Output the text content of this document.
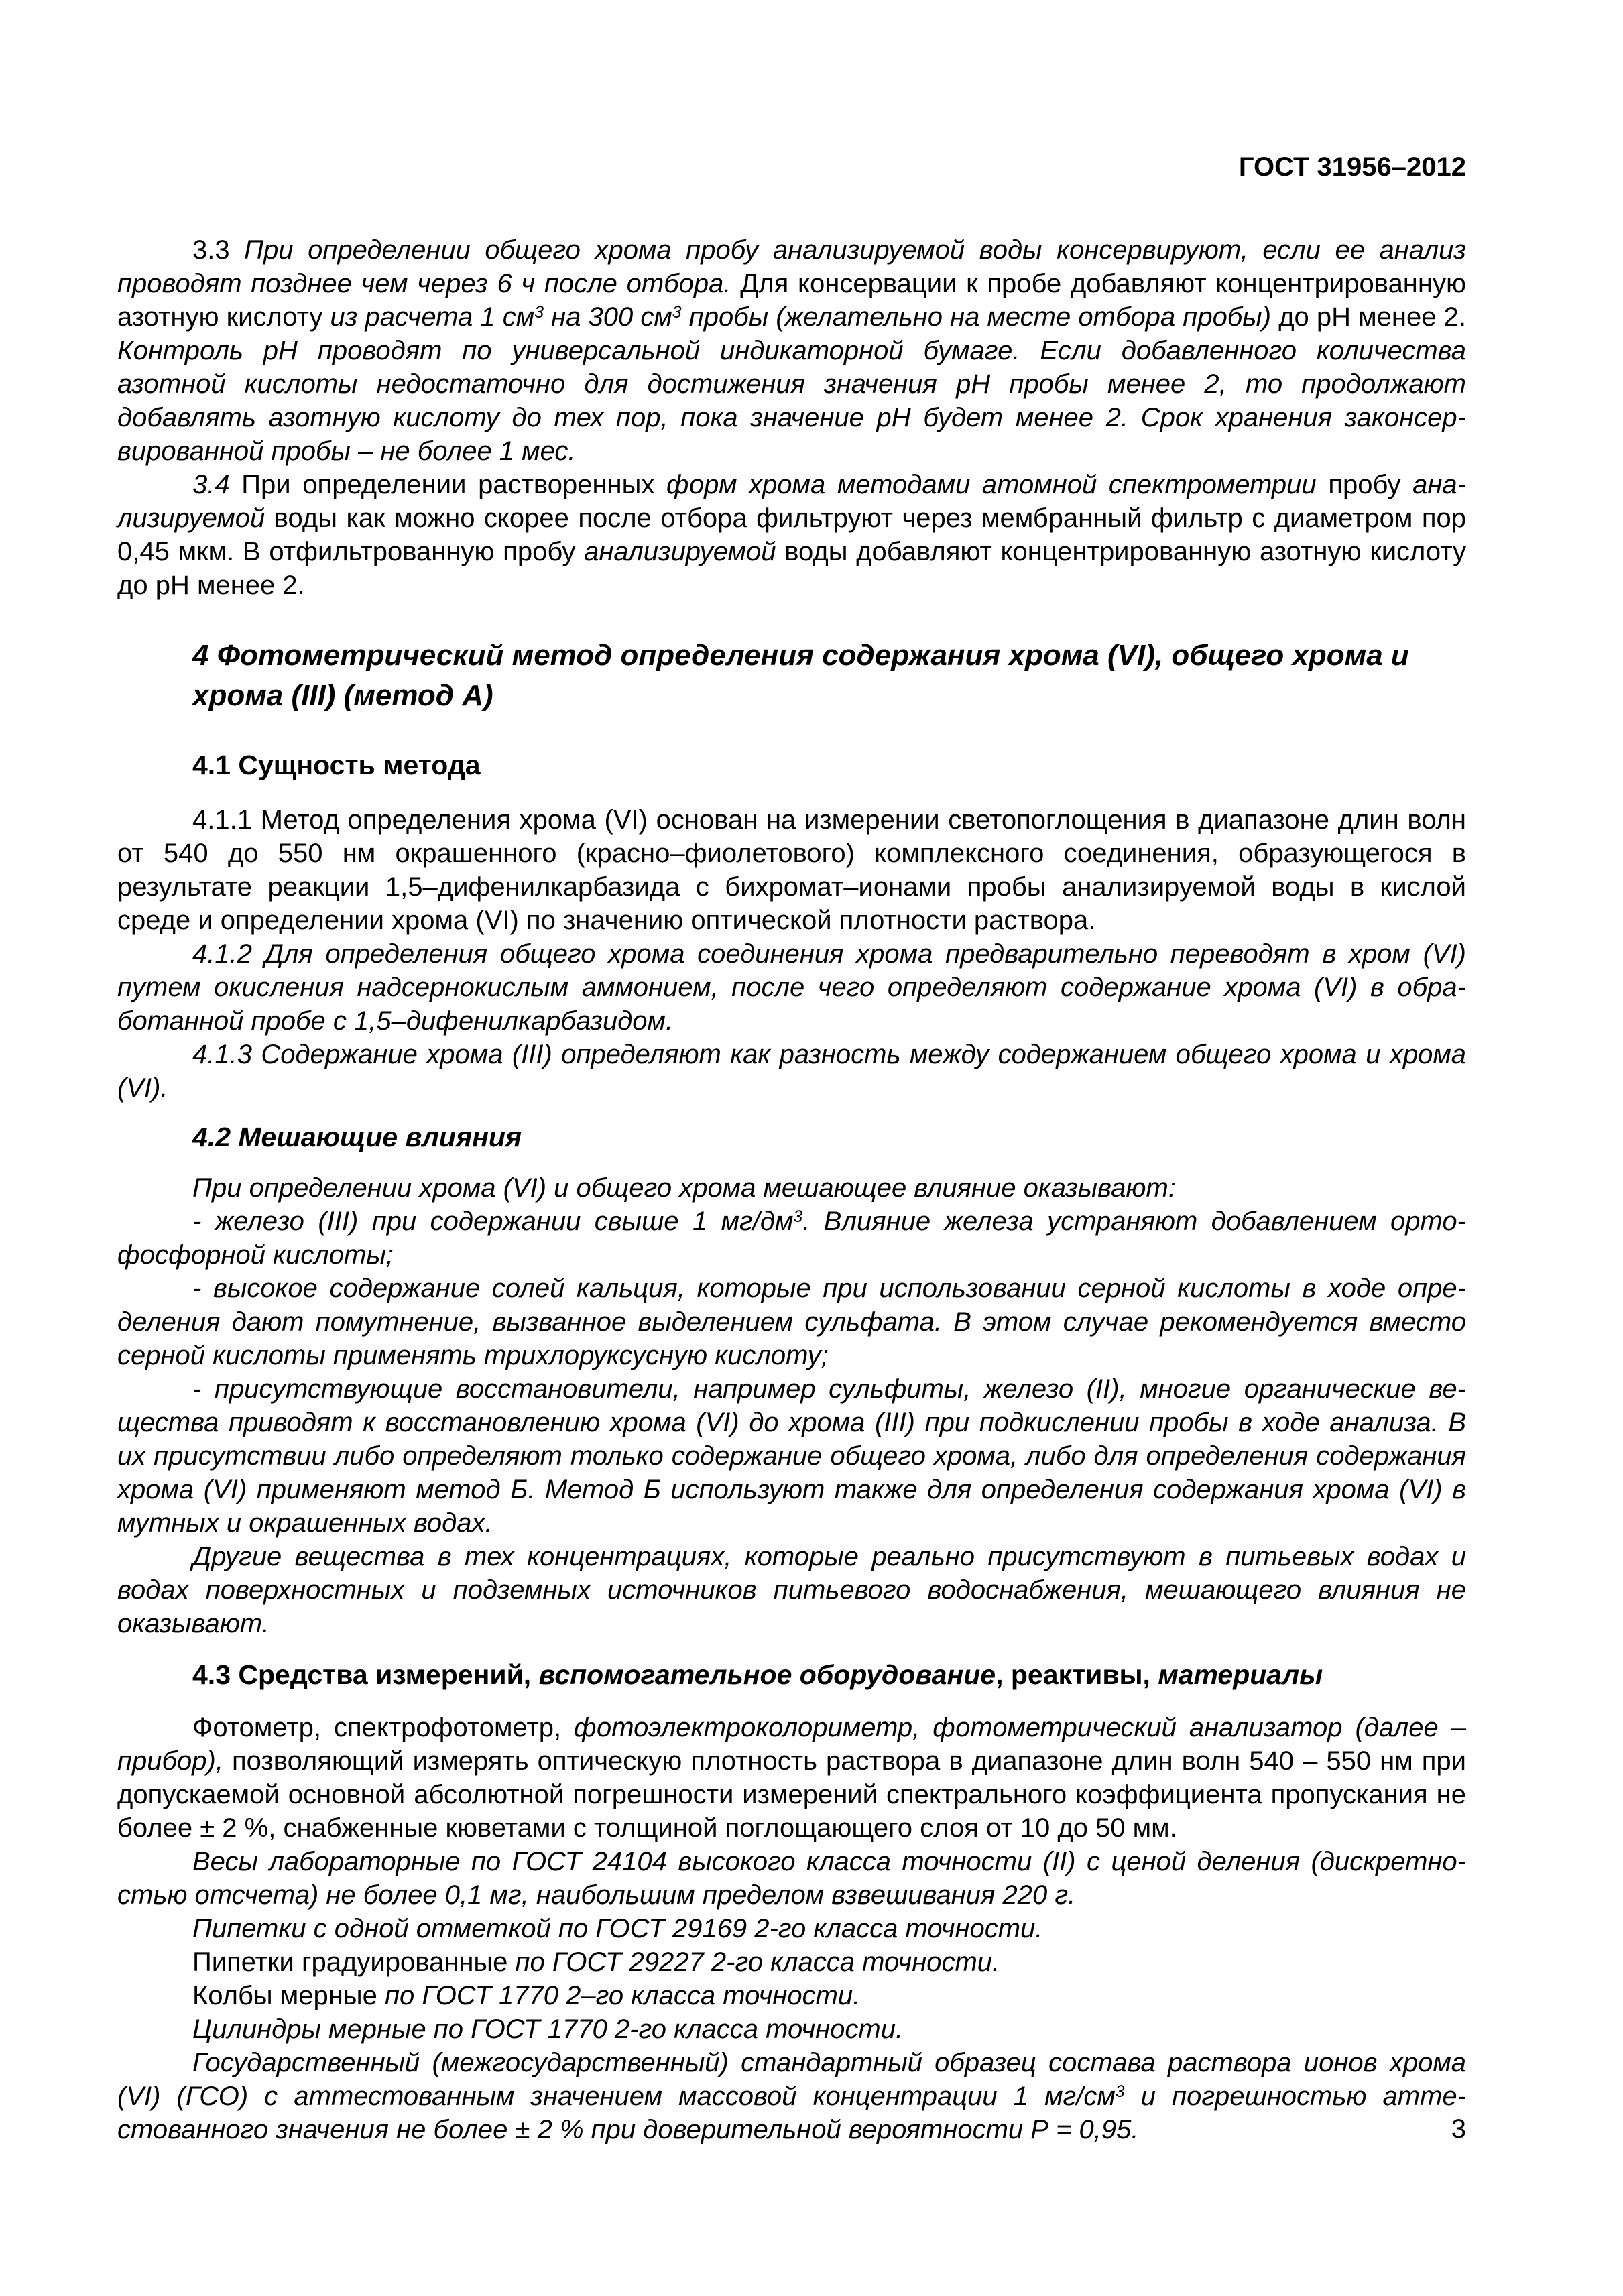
ГОСТ 31956–2012

3.3 При определении общего хрома пробу анализируемой воды консервируют, если ее анализ проводят позднее чем через 6 ч после отбора. Для консервации к пробе добавляют концентрированную азотную кислоту из расчета 1 $см^3$ на 300 $см^3$ пробы (желательно на месте отбора пробы) до pH менее 2. Контроль pH проводят по универсальной индикаторной бумаге. Если добавленного количества азотной кислоты недостаточно для достижения значения pH пробы менее 2, то продолжают добавлять азотную кислоту до тех пор, пока значение pH будет менее 2. Срок хранения законсервированной пробы – не более 1 мес.

3.4 При определении растворенных форм хрома методами атомной спектрометрии пробу анализируемой воды как можно скорее после отбора фильтруют через мембранный фильтр с диаметром пор 0,45 мкм. В отфильтрованную пробу анализируемой воды добавляют концентрированную азотную кислоту до pH менее 2.

4 Фотометрический метод определения содержания хрома (VI), общего хрома и хрома (III) (метод А)
4.1 Сущность метода

4.1.1 Метод определения хрома (VI) основан на измерении светопоглощения в диапазоне длин волн от 540 до 550 нм окрашенного (красно–фиолетового) комплексного соединения, образующегося в результате реакции 1,5–дифенилкарбазида с бихромат–ионами пробы анализируемой воды в кислой среде и определении хрома (VI) по значению оптической плотности раствора.

4.1.2 Для определения общего хрома соединения хрома предварительно переводят в хром (VI) путем окисления надсернокислым аммонием, после чего определяют содержание хрома (VI) в обработанной пробе с 1,5–дифенилкарбазидом.

4.1.3 Содержание хрома (III) определяют как разность между содержанием общего хрома и хрома (VI).

4.2 Мешающие влияния

При определении хрома (VI) и общего хрома мешающее влияние оказывают:

- железо (III) при содержании свыше 1 $мг/дм^3$. Влияние железа устраняют добавлением ортофосфорной кислоты;

- высокое содержание солей кальция, которые при использовании серной кислоты в ходе определения дают помутнение, вызванное выделением сульфата. В этом случае рекомендуется вместо серной кислоты применять трихлоруксусную кислоту;

- присутствующие восстановители, например сульфиты, железо (II), многие органические вещества приводят к восстановлению хрома (VI) до хрома (III) при подкислении пробы в ходе анализа. В их присутствии либо определяют только содержание общего хрома, либо для определения содержания хрома (VI) применяют метод Б. Метод Б используют также для определения содержания хрома (VI) в мутных и окрашенных водах.

Другие вещества в тех концентрациях, которые реально присутствуют в питьевых водах и водах поверхностных и подземных источников питьевого водоснабжения, мешающего влияния не оказывают.

4.3 Средства измерений, вспомогательное оборудование, реактивы, материалы

Фотометр, спектрофотометр, фотоэлектроколориметр, фотометрический анализатор (далее – прибор), позволяющий измерять оптическую плотность раствора в диапазоне длин волн 540 – 550 нм при допускаемой основной абсолютной погрешности измерений спектрального коэффициента пропускания не более ± 2 %, снабженные кюветами с толщиной поглощающего слоя от 10 до 50 мм.

Весы лабораторные по ГОСТ 24104 высокого класса точности (II) с ценой деления (дискретностью отсчета) не более 0,1 мг, наибольшим пределом взвешивания 220 г.

Пипетки с одной отметкой по ГОСТ 29169 2-го класса точности.

Пипетки градуированные по ГОСТ 29227 2-го класса точности.

Колбы мерные по ГОСТ 1770 2–го класса точности.

Цилиндры мерные по ГОСТ 1770 2-го класса точности.

Государственный (межгосударственный) стандартный образец состава раствора ионов хрома (VI) (ГСО) с аттестованным значением массовой концентрации 1 $мг/см^3$ и погрешностью аттестованного значения не более ± 2 % при доверительной вероятности Р = 0,95.	3
